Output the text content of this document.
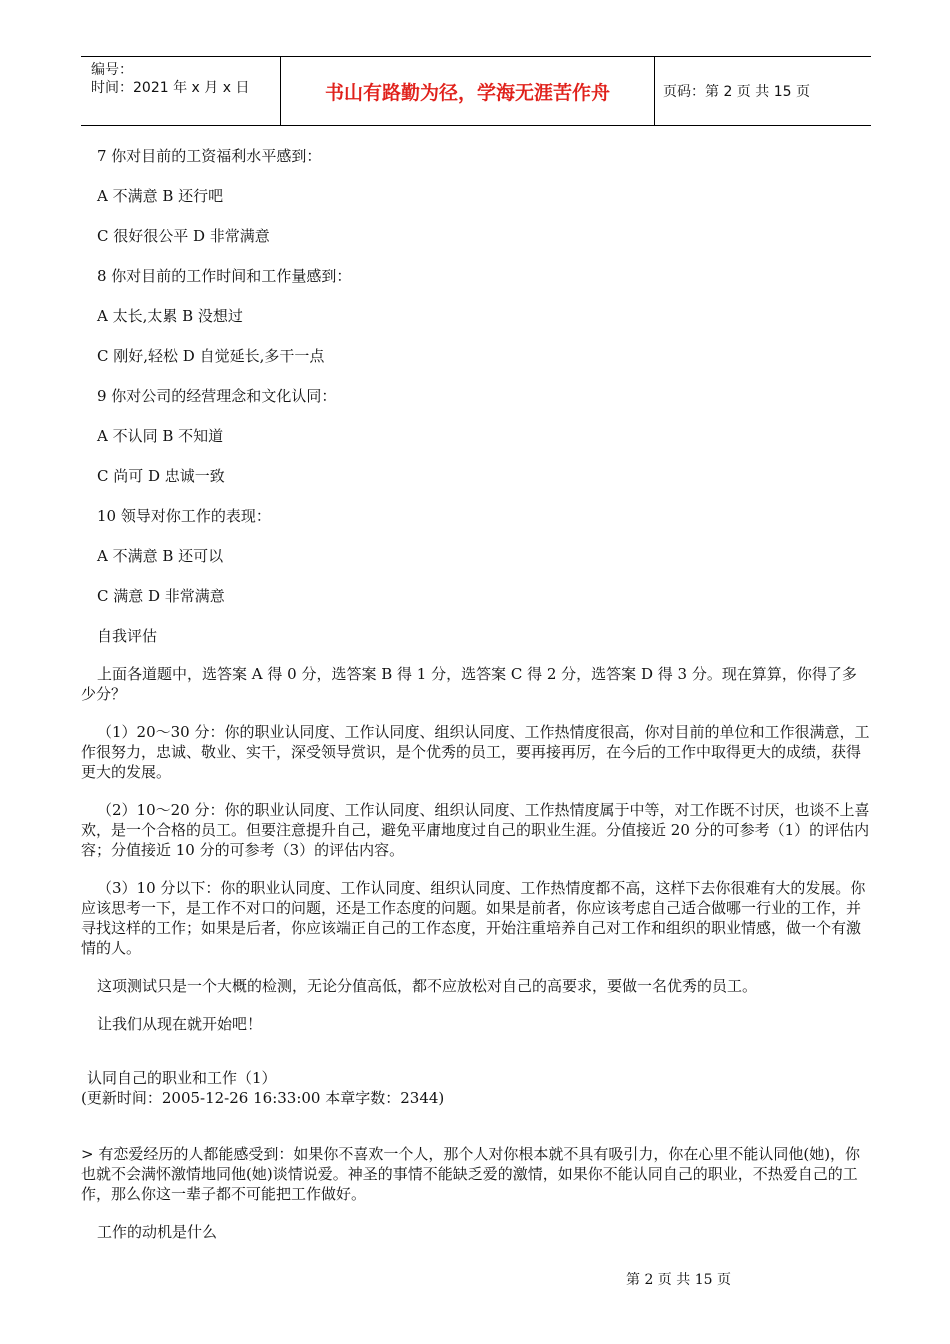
编号：
时间：2021 年 x 月 x 日	书山有路勤为径，学海无涯苦作舟	页码：第 2 页 共 15 页

7 你对目前的工资福利水平感到：

A 不满意 B 还行吧

C 很好很公平 D 非常满意

8 你对目前的工作时间和工作量感到：

A 太长,太累 B 没想过

C 刚好,轻松 D 自觉延长,多干一点

9 你对公司的经营理念和文化认同：

A 不认同 B 不知道

C 尚可 D 忠诚一致

10 领导对你工作的表现：

A 不满意 B 还可以

C 满意 D 非常满意

自我评估

上面各道题中，选答案 A 得 0 分，选答案 B 得 1 分，选答案 C 得 2 分，选答案 D 得 3 分。现在算算，你得了多少分？

（1）20～30 分：你的职业认同度、工作认同度、组织认同度、工作热情度很高，你对目前的单位和工作很满意，工作很努力，忠诚、敬业、实干，深受领导赏识，是个优秀的员工，要再接再厉，在今后的工作中取得更大的成绩，获得更大的发展。

（2）10～20 分：你的职业认同度、工作认同度、组织认同度、工作热情度属于中等，对工作既不讨厌，也谈不上喜欢，是一个合格的员工。但要注意提升自己，避免平庸地度过自己的职业生涯。分值接近 20 分的可参考（1）的评估内容；分值接近 10 分的可参考（3）的评估内容。

（3）10 分以下：你的职业认同度、工作认同度、组织认同度、工作热情度都不高，这样下去你很难有大的发展。你应该思考一下，是工作不对口的问题，还是工作态度的问题。如果是前者，你应该考虑自己适合做哪一行业的工作，并寻找这样的工作；如果是后者，你应该端正自己的工作态度，开始注重培养自己对工作和组织的职业情感，做一个有激情的人。

这项测试只是一个大概的检测，无论分值高低，都不应放松对自己的高要求，要做一名优秀的员工。

让我们从现在就开始吧！

认同自己的职业和工作（1）

(更新时间：2005-12-26 16:33:00 本章字数：2344)

> 有恋爱经历的人都能感受到：如果你不喜欢一个人，那个人对你根本就不具有吸引力，你在心里不能认同他(她)，你也就不会满怀激情地同他(她)谈情说爱。神圣的事情不能缺乏爱的激情，如果你不能认同自己的职业，不热爱自己的工作，那么你这一辈子都不可能把工作做好。

工作的动机是什么

第 2 页 共 15 页
